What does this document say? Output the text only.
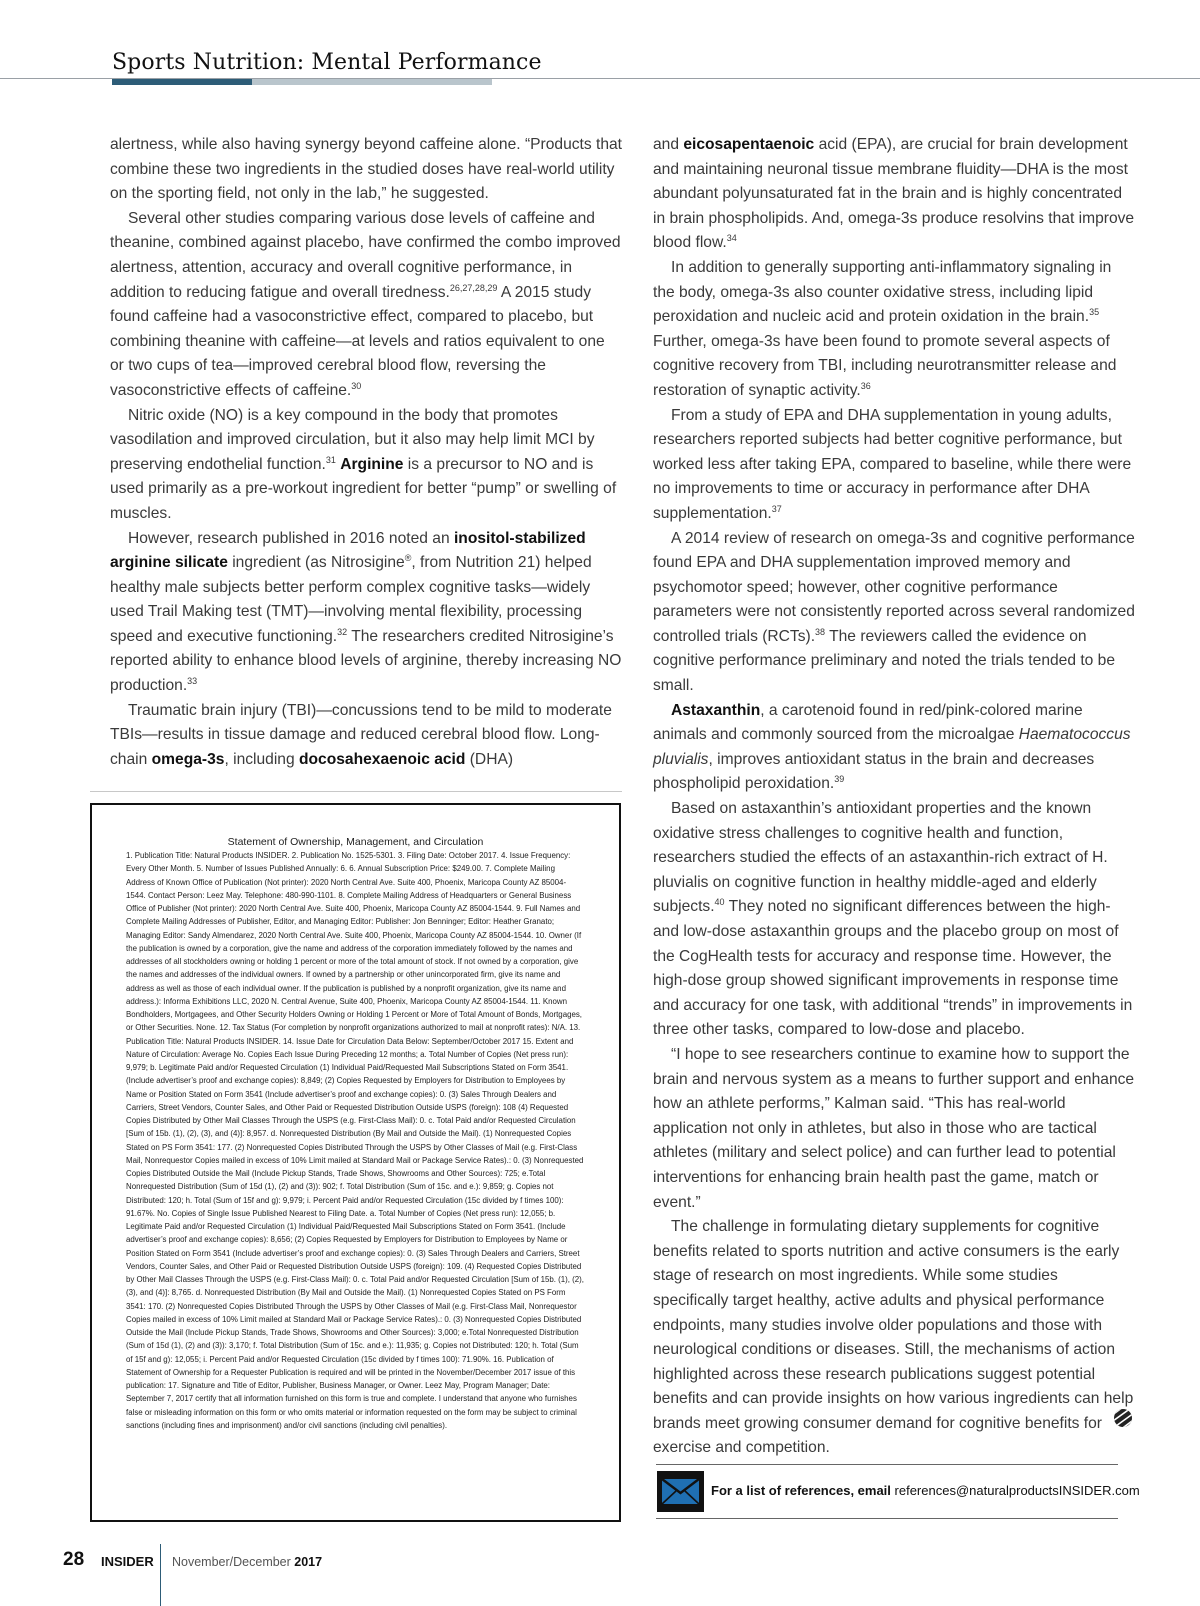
Sports Nutrition: Mental Performance

alertness, while also having synergy beyond caffeine alone. “Products that combine these two ingredients in the studied doses have real-world utility on the sporting field, not only in the lab,” he suggested.

Several other studies comparing various dose levels of caffeine and theanine, combined against placebo, have confirmed the combo improved alertness, attention, accuracy and overall cognitive performance, in addition to reducing fatigue and overall tiredness.$^{26,27,28,29}$ A 2015 study found caffeine had a vasoconstrictive effect, compared to placebo, but combining theanine with caffeine—at levels and ratios equivalent to one or two cups of tea—improved cerebral blood flow, reversing the vasoconstrictive effects of caffeine.$^{30}$

Nitric oxide (NO) is a key compound in the body that promotes vasodilation and improved circulation, but it also may help limit MCI by preserving endothelial function.$^{31}$ Arginine is a precursor to NO and is used primarily as a pre-workout ingredient for better “pump” or swelling of muscles.

However, research published in 2016 noted an inositol-stabilized arginine silicate ingredient (as Nitrosigine®, from Nutrition 21) helped healthy male subjects better perform complex cognitive tasks—widely used Trail Making test (TMT)—involving mental flexibility, processing speed and executive functioning.$^{32}$ The researchers credited Nitrosigine’s reported ability to enhance blood levels of arginine, thereby increasing NO production.$^{33}$

Traumatic brain injury (TBI)—concussions tend to be mild to moderate TBIs—results in tissue damage and reduced cerebral blood flow. Long-chain omega-3s, including docosahexaenoic acid (DHA)

and eicosapentaenoic acid (EPA), are crucial for brain development and maintaining neuronal tissue membrane fluidity—DHA is the most abundant polyunsaturated fat in the brain and is highly concentrated in brain phospholipids. And, omega-3s produce resolvins that improve blood flow.$^{34}$

In addition to generally supporting anti-inflammatory signaling in the body, omega-3s also counter oxidative stress, including lipid peroxidation and nucleic acid and protein oxidation in the brain.$^{35}$ Further, omega-3s have been found to promote several aspects of cognitive recovery from TBI, including neurotransmitter release and restoration of synaptic activity.$^{36}$

From a study of EPA and DHA supplementation in young adults, researchers reported subjects had better cognitive performance, but worked less after taking EPA, compared to baseline, while there were no improvements to time or accuracy in performance after DHA supplementation.$^{37}$

A 2014 review of research on omega-3s and cognitive performance found EPA and DHA supplementation improved memory and psychomotor speed; however, other cognitive performance parameters were not consistently reported across several randomized controlled trials (RCTs).$^{38}$ The reviewers called the evidence on cognitive performance preliminary and noted the trials tended to be small.

Astaxanthin, a carotenoid found in red/pink-colored marine animals and commonly sourced from the microalgae Haematococcus pluvialis, improves antioxidant status in the brain and decreases phospholipid peroxidation.$^{39}$

Based on astaxanthin’s antioxidant properties and the known oxidative stress challenges to cognitive health and function, researchers studied the effects of an astaxanthin-rich extract of H. pluvialis on cognitive function in healthy middle-aged and elderly subjects.$^{40}$ They noted no significant differences between the high- and low-dose astaxanthin groups and the placebo group on most of the CogHealth tests for accuracy and response time. However, the high-dose group showed significant improvements in response time and accuracy for one task, with additional “trends” in improvements in three other tasks, compared to low-dose and placebo.

“I hope to see researchers continue to examine how to support the brain and nervous system as a means to further support and enhance how an athlete performs,” Kalman said. “This has real-world application not only in athletes, but also in those who are tactical athletes (military and select police) and can further lead to potential interventions for enhancing brain health past the game, match or event.”

The challenge in formulating dietary supplements for cognitive benefits related to sports nutrition and active consumers is the early stage of research on most ingredients. While some studies specifically target healthy, active adults and physical performance endpoints, many studies involve older populations and those with neurological conditions or diseases. Still, the mechanisms of action highlighted across these research publications suggest potential benefits and can provide insights on how various ingredients can help brands meet growing consumer demand for cognitive benefits for exercise and competition.

Statement of Ownership, Management, and Circulation

1. Publication Title: Natural Products INSIDER. 2. Publication No. 1525-5301. 3. Filing Date: October 2017. 4. Issue Frequency: Every Other Month. 5. Number of Issues Published Annually: 6. 6. Annual Subscription Price: $249.00. 7. Complete Mailing Address of Known Office of Publication (Not printer): 2020 North Central Ave. Suite 400, Phoenix, Maricopa County AZ 85004-1544. Contact Person: Leez May. Telephone: 480-990-1101. 8. Complete Mailing Address of Headquarters or General Business Office of Publisher (Not printer): 2020 North Central Ave. Suite 400, Phoenix, Maricopa County AZ 85004-1544. 9. Full Names and Complete Mailing Addresses of Publisher, Editor, and Managing Editor: Publisher: Jon Benninger; Editor: Heather Granato; Managing Editor: Sandy Almendarez, 2020 North Central Ave. Suite 400, Phoenix, Maricopa County AZ 85004-1544. 10. Owner (If the publication is owned by a corporation, give the name and address of the corporation immediately followed by the names and addresses of all stockholders owning or holding 1 percent or more of the total amount of stock. If not owned by a corporation, give the names and addresses of the individual owners. If owned by a partnership or other unincorporated firm, give its name and address as well as those of each individual owner. If the publication is published by a nonprofit organization, give its name and address.): Informa Exhibitions LLC, 2020 N. Central Avenue, Suite 400, Phoenix, Maricopa County AZ 85004-1544. 11. Known Bondholders, Mortgagees, and Other Security Holders Owning or Holding 1 Percent or More of Total Amount of Bonds, Mortgages, or Other Securities. None. 12. Tax Status (For completion by nonprofit organizations authorized to mail at nonprofit rates): N/A. 13. Publication Title: Natural Products INSIDER. 14. Issue Date for Circulation Data Below: September/October 2017 15. Extent and Nature of Circulation: Average No. Copies Each Issue During Preceding 12 months; a. Total Number of Copies (Net press run): 9,979; b. Legitimate Paid and/or Requested Circulation (1) Individual Paid/Requested Mail Subscriptions Stated on Form 3541. (Include advertiser’s proof and exchange copies): 8,849; (2) Copies Requested by Employers for Distribution to Employees by Name or Position Stated on Form 3541 (Include advertiser’s proof and exchange copies): 0. (3) Sales Through Dealers and Carriers, Street Vendors, Counter Sales, and Other Paid or Requested Distribution Outside USPS (foreign): 108 (4) Requested Copies Distributed by Other Mail Classes Through the USPS (e.g. First-Class Mail): 0. c. Total Paid and/or Requested Circulation [Sum of 15b. (1), (2), (3), and (4)]: 8,957. d. Nonrequested Distribution (By Mail and Outside the Mail). (1) Nonrequested Copies Stated on PS Form 3541: 177. (2) Nonrequested Copies Distributed Through the USPS by Other Classes of Mail (e.g. First-Class Mail, Nonrequestor Copies mailed in excess of 10% Limit mailed at Standard Mail or Package Service Rates).: 0. (3) Nonrequested Copies Distributed Outside the Mail (Include Pickup Stands, Trade Shows, Showrooms and Other Sources): 725; e.Total Nonrequested Distribution (Sum of 15d (1), (2) and (3)): 902; f. Total Distribution (Sum of 15c. and e.): 9,859; g. Copies not Distributed: 120; h. Total (Sum of 15f and g): 9,979; i. Percent Paid and/or Requested Circulation (15c divided by f times 100): 91.67%. No. Copies of Single Issue Published Nearest to Filing Date. a. Total Number of Copies (Net press run): 12,055; b. Legitimate Paid and/or Requested Circulation (1) Individual Paid/Requested Mail Subscriptions Stated on Form 3541. (Include advertiser’s proof and exchange copies): 8,656; (2) Copies Requested by Employers for Distribution to Employees by Name or Position Stated on Form 3541 (Include advertiser’s proof and exchange copies): 0. (3) Sales Through Dealers and Carriers, Street Vendors, Counter Sales, and Other Paid or Requested Distribution Outside USPS (foreign): 109. (4) Requested Copies Distributed by Other Mail Classes Through the USPS (e.g. First-Class Mail): 0. c. Total Paid and/or Requested Circulation [Sum of 15b. (1), (2), (3), and (4)]: 8,765. d. Nonrequested Distribution (By Mail and Outside the Mail). (1) Nonrequested Copies Stated on PS Form 3541: 170. (2) Nonrequested Copies Distributed Through the USPS by Other Classes of Mail (e.g. First-Class Mail, Nonrequestor Copies mailed in excess of 10% Limit mailed at Standard Mail or Package Service Rates).: 0. (3) Nonrequested Copies Distributed Outside the Mail (Include Pickup Stands, Trade Shows, Showrooms and Other Sources): 3,000; e.Total Nonrequested Distribution (Sum of 15d (1), (2) and (3)): 3,170; f. Total Distribution (Sum of 15c. and e.): 11,935; g. Copies not Distributed: 120; h. Total (Sum of 15f and g): 12,055; i. Percent Paid and/or Requested Circulation (15c divided by f times 100): 71.90%. 16. Publication of Statement of Ownership for a Requester Publication is required and will be printed in the November/December 2017 issue of this publication: 17. Signature and Title of Editor, Publisher, Business Manager, or Owner. Leez May, Program Manager; Date: September 7, 2017 certify that all information furnished on this form is true and complete. I understand that anyone who furnishes false or misleading information on this form or who omits material or information requested on the form may be subject to criminal sanctions (including fines and imprisonment) and/or civil sanctions (including civil penalties).

For a list of references, email references@naturalproductsINSIDER.com
28 INSIDER November/December 2017
